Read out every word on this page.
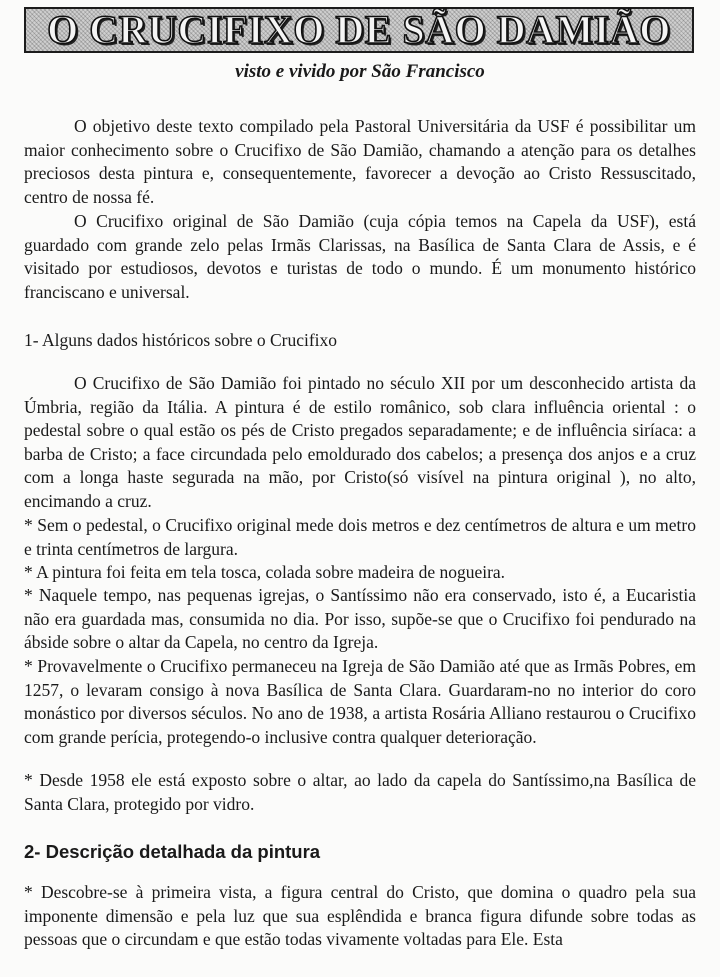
O CRUCIFIXO DE SÃO DAMIÃO
visto e vivido por São Francisco

O objetivo deste texto compilado pela Pastoral Universitária da USF é possibilitar um maior conhecimento sobre o Crucifixo de São Damião, chamando a atenção para os detalhes preciosos desta pintura e, consequentemente, favorecer a devoção ao Cristo Ressuscitado, centro de nossa fé.

O Crucifixo original de São Damião (cuja cópia temos na Capela da USF), está guardado com grande zelo pelas Irmãs Clarissas, na Basílica de Santa Clara de Assis, e é visitado por estudiosos, devotos e turistas de todo o mundo. É um monumento histórico franciscano e universal.

1- Alguns dados históricos sobre o Crucifixo

O Crucifixo de São Damião foi pintado no século XII por um desconhecido artista da Úmbria, região da Itália. A pintura é de estilo românico, sob clara influência oriental : o pedestal sobre o qual estão os pés de Cristo pregados separadamente; e de influência siríaca: a barba de Cristo; a face circundada pelo emoldurado dos cabelos; a presença dos anjos e a cruz com a longa haste segurada na mão, por Cristo(só visível na pintura original ), no alto, encimando a cruz.

* Sem o pedestal, o Crucifixo original mede dois metros e dez centímetros de altura e um metro e trinta centímetros de largura.

* A pintura foi feita em tela tosca, colada sobre madeira de nogueira.

* Naquele tempo, nas pequenas igrejas, o Santíssimo não era conservado, isto é, a Eucaristia não era guardada mas, consumida no dia. Por isso, supõe-se que o Crucifixo foi pendurado na ábside sobre o altar da Capela, no centro da Igreja.

* Provavelmente o Crucifixo permaneceu na Igreja de São Damião até que as Irmãs Pobres, em 1257, o levaram consigo à nova Basílica de Santa Clara. Guardaram-no no interior do coro monástico por diversos séculos. No ano de 1938, a artista Rosária Alliano restaurou o Crucifixo com grande perícia, protegendo-o inclusive contra qualquer deterioração.

* Desde 1958 ele está exposto sobre o altar, ao lado da capela do Santíssimo,na Basílica de Santa Clara, protegido por vidro.

2- Descrição detalhada da pintura

* Descobre-se à primeira vista, a figura central do Cristo, que domina o quadro pela sua imponente dimensão e pela luz que sua esplêndida e branca figura difunde sobre todas as pessoas que o circundam e que estão todas vivamente voltadas para Ele. Esta
